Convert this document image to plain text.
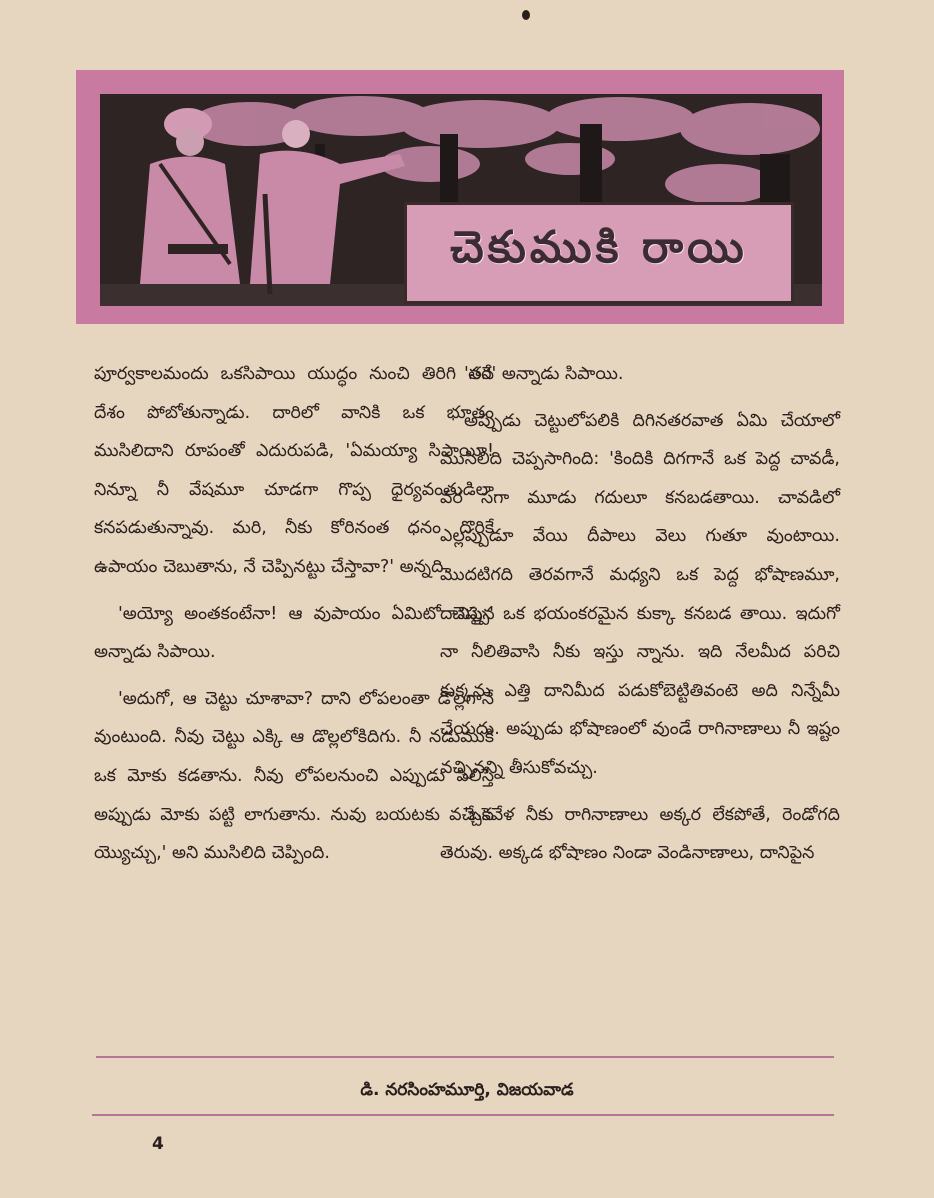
చెకుముకి రాయి

పూర్వకాలమందు ఒకసిపాయి యుద్ధం నుంచి తిరిగి తన దేశం పోబోతున్నాడు. దారిలో వానికి ఒక భూతం ముసిలిదాని రూపంతో ఎదురుపడి, 'ఏమయ్యా సిపాయీ! నిన్నూ నీ వేషమూ చూడగా గొప్ప ధైర్యవంతుడిలా కనపడుతున్నావు. మరి, నీకు కోరినంత ధనం దొరికే ఉపాయం చెబుతాను, నే చెప్పినట్టు చేస్తావా?' అన్నది.

'అయ్యో అంతకంటేనా! ఆ వుపాయం ఏమిటో చెప్పు' అన్నాడు సిపాయి.

'అదుగో, ఆ చెట్టు చూశావా? దాని లోపలంతా డొల్లగానే వుంటుంది. నీవు చెట్టు ఎక్కి ఆ డొల్లలోకిదిగు. నీ నడుముకి ఒక మోకు కడతాను. నీవు లోపలనుంచి ఎప్పుడు పిలిస్తే అప్పుడు మోకు పట్టి లాగుతాను. నువు బయటకు వచ్చేసె య్యొచ్చు,' అని ముసిలిది చెప్పింది.

'సరే' అన్నాడు సిపాయి.

అప్పుడు చెట్టులోపలికి దిగినతరవాత ఏమి చేయాలో ముసిలిది చెప్పసాగింది: 'కిందికి దిగగానే ఒక పెద్ద చావడీ, వర సగా మూడు గదులూ కనబడతాయి. చావడిలో ఎల్లప్పుడూ వేయి దీపాలు వెలు గుతూ వుంటాయి. మొదటిగది తెరవగానే మధ్యని ఒక పెద్ద భోషాణమూ, దానిపైన ఒక భయంకరమైన కుక్కా కనబడ తాయి. ఇదుగో నా నీలితివాసి నీకు ఇస్తు న్నాను. ఇది నేలమీద పరిచి కుక్కను ఎత్తి దానిమీద పడుకోబెట్టితివంటె అది నిన్నేమీ చేయదు. అప్పుడు భోషాణంలో వుండే రాగినాణాలు నీ ఇష్టం వచ్చినన్ని తీసుకోవచ్చు.

'ఒకవేళ నీకు రాగినాణాలు అక్కర లేకపోతే, రెండోగది తెరువు. అక్కడ భోషాణం నిండా వెండినాణాలు, దానిపైన

డి. నరసింహమూర్తి, విజయవాడ
4
